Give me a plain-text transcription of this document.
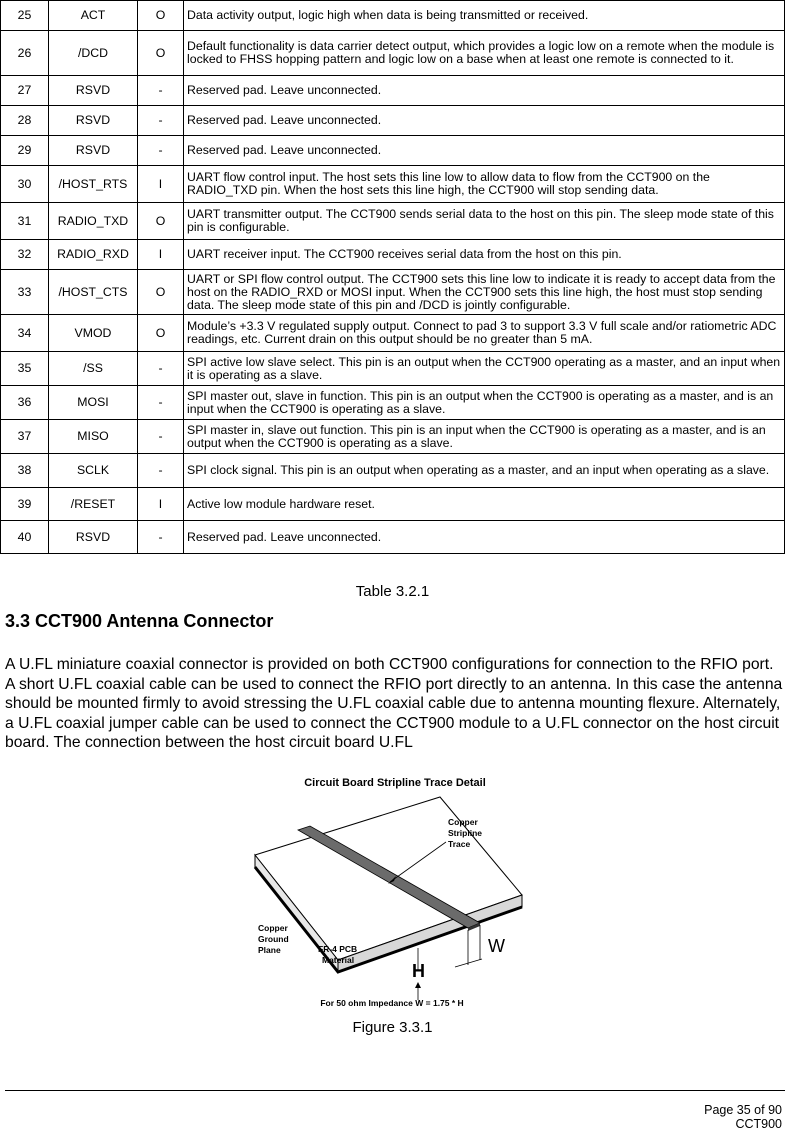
25	ACT	O	Data activity output, logic high when data is being transmitted or received.
26	/DCD	O	Default functionality is data carrier detect output, which provides a logic low on a remote when the module is locked to FHSS hopping pattern and logic low on a base when at least one remote is connected to it.
27	RSVD	-	Reserved pad. Leave unconnected.
28	RSVD	-	Reserved pad. Leave unconnected.
29	RSVD	-	Reserved pad. Leave unconnected.
30	/HOST_RTS	I	UART flow control input. The host sets this line low to allow data to flow from the CCT900 on the RADIO_TXD pin. When the host sets this line high, the CCT900 will stop sending data.
31	RADIO_TXD	O	UART transmitter output. The CCT900 sends serial data to the host on this pin. The sleep mode state of this pin is configurable.
32	RADIO_RXD	I	UART receiver input. The CCT900 receives serial data from the host on this pin.
33	/HOST_CTS	O	UART or SPI flow control output. The CCT900 sets this line low to indicate it is ready to accept data from the host on the RADIO_RXD or MOSI input. When the CCT900 sets this line high, the host must stop sending data. The sleep mode state of this pin and /DCD is jointly configurable.
34	VMOD	O	Module’s +3.3 V regulated supply output. Connect to pad 3 to support 3.3 V full scale and/or ratiometric ADC readings, etc. Current drain on this output should be no greater than 5 mA.
35	/SS	-	SPI active low slave select. This pin is an output when the CCT900 operating as a master, and an input when it is operating as a slave.
36	MOSI	-	SPI master out, slave in function. This pin is an output when the CCT900 is operating as a master, and is an input when the CCT900 is operating as a slave.
37	MISO	-	SPI master in, slave out function. This pin is an input when the CCT900 is operating as a master, and is an output when the CCT900 is operating as a slave.
38	SCLK	-	SPI clock signal. This pin is an output when operating as a master, and an input when operating as a slave.
39	/RESET	I	Active low module hardware reset.
40	RSVD	-	Reserved pad. Leave unconnected.
Table 3.2.1
3.3 CCT900 Antenna Connector
A U.FL miniature coaxial connector is provided on both CCT900 configurations for connection to the RFIO port. A short U.FL coaxial cable can be used to connect the RFIO port directly to an antenna. In this case the antenna should be mounted firmly to avoid stressing the U.FL coaxial cable due to antenna mounting flexure. Alternately, a U.FL coaxial jumper cable can be used to connect the CCT900 module to a U.FL connector on the host circuit board. The connection between the host circuit board U.FL
Circuit Board Stripline Trace Detail
Copper
Stripline
Trace
Copper
Ground
Plane	FR-4 PCB
Material
H
W
For 50 ohm Impedance W = 1.75 * H
Figure 3.3.1
Page 35 of 90
CCT900
